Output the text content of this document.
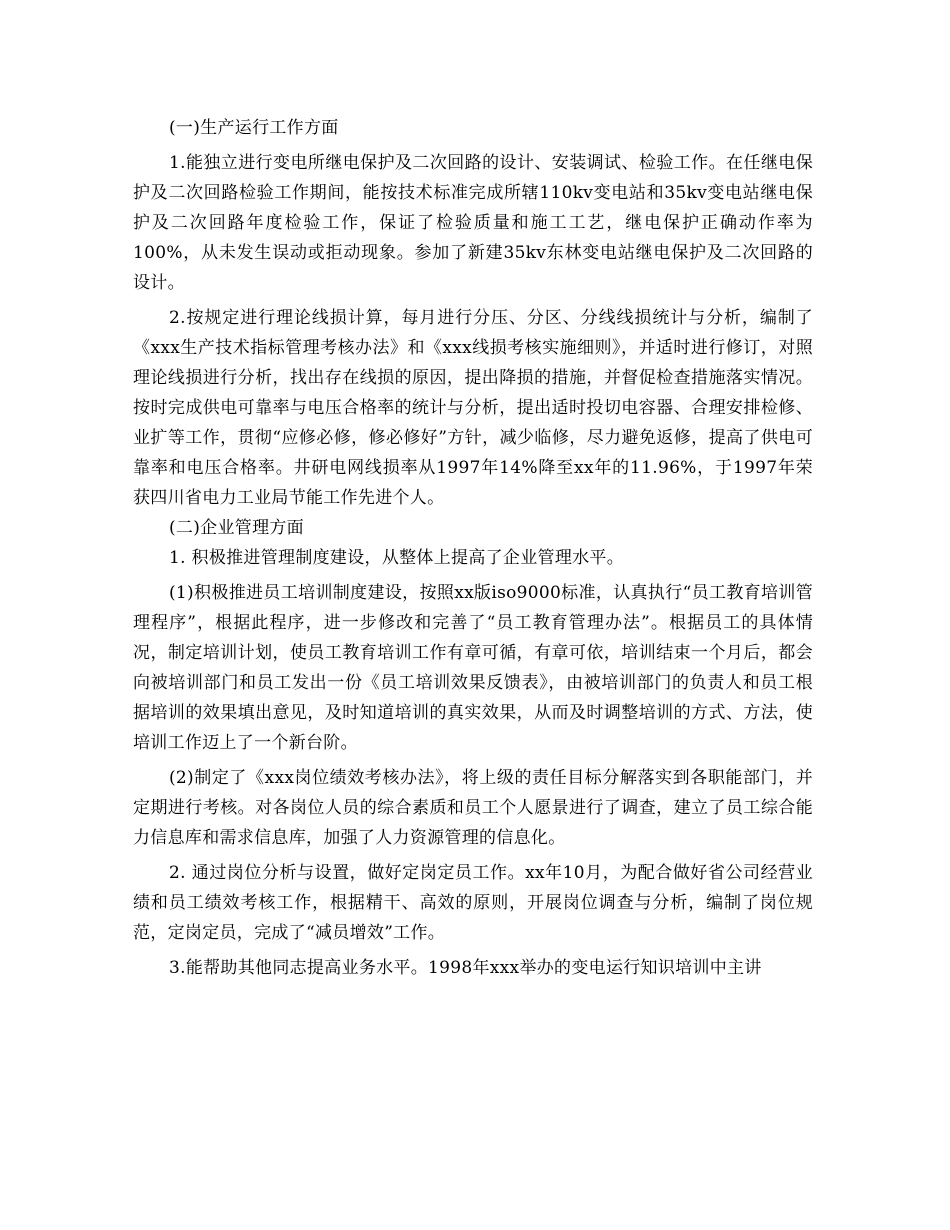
(一)生产运行工作方面

1.能独立进行变电所继电保护及二次回路的设计、安装调试、检验工作。在任继电保护及二次回路检验工作期间，能按技术标准完成所辖110kv变电站和35kv变电站继电保护及二次回路年度检验工作，保证了检验质量和施工工艺，继电保护正确动作率为100%，从未发生误动或拒动现象。参加了新建35kv东林变电站继电保护及二次回路的设计。

2.按规定进行理论线损计算，每月进行分压、分区、分线线损统计与分析，编制了《xxx生产技术指标管理考核办法》和《xxx线损考核实施细则》，并适时进行修订，对照理论线损进行分析，找出存在线损的原因，提出降损的措施，并督促检查措施落实情况。按时完成供电可靠率与电压合格率的统计与分析，提出适时投切电容器、合理安排检修、业扩等工作，贯彻“应修必修，修必修好”方针，减少临修，尽力避免返修，提高了供电可靠率和电压合格率。井研电网线损率从1997年14%降至xx年的11.96%，于1997年荣获四川省电力工业局节能工作先进个人。

(二)企业管理方面

1. 积极推进管理制度建设，从整体上提高了企业管理水平。

(1)积极推进员工培训制度建设，按照xx版iso9000标准，认真执行“员工教育培训管理程序”，根据此程序，进一步修改和完善了“员工教育管理办法”。根据员工的具体情况，制定培训计划，使员工教育培训工作有章可循，有章可依，培训结束一个月后，都会向被培训部门和员工发出一份《员工培训效果反馈表》，由被培训部门的负责人和员工根据培训的效果填出意见，及时知道培训的真实效果，从而及时调整培训的方式、方法，使培训工作迈上了一个新台阶。

(2)制定了《xxx岗位绩效考核办法》，将上级的责任目标分解落实到各职能部门，并定期进行考核。对各岗位人员的综合素质和员工个人愿景进行了调查，建立了员工综合能力信息库和需求信息库，加强了人力资源管理的信息化。

2. 通过岗位分析与设置，做好定岗定员工作。xx年10月，为配合做好省公司经营业绩和员工绩效考核工作，根据精干、高效的原则，开展岗位调查与分析，编制了岗位规范，定岗定员，完成了“减员增效”工作。

3.能帮助其他同志提高业务水平。1998年xxx举办的变电运行知识培训中主讲
